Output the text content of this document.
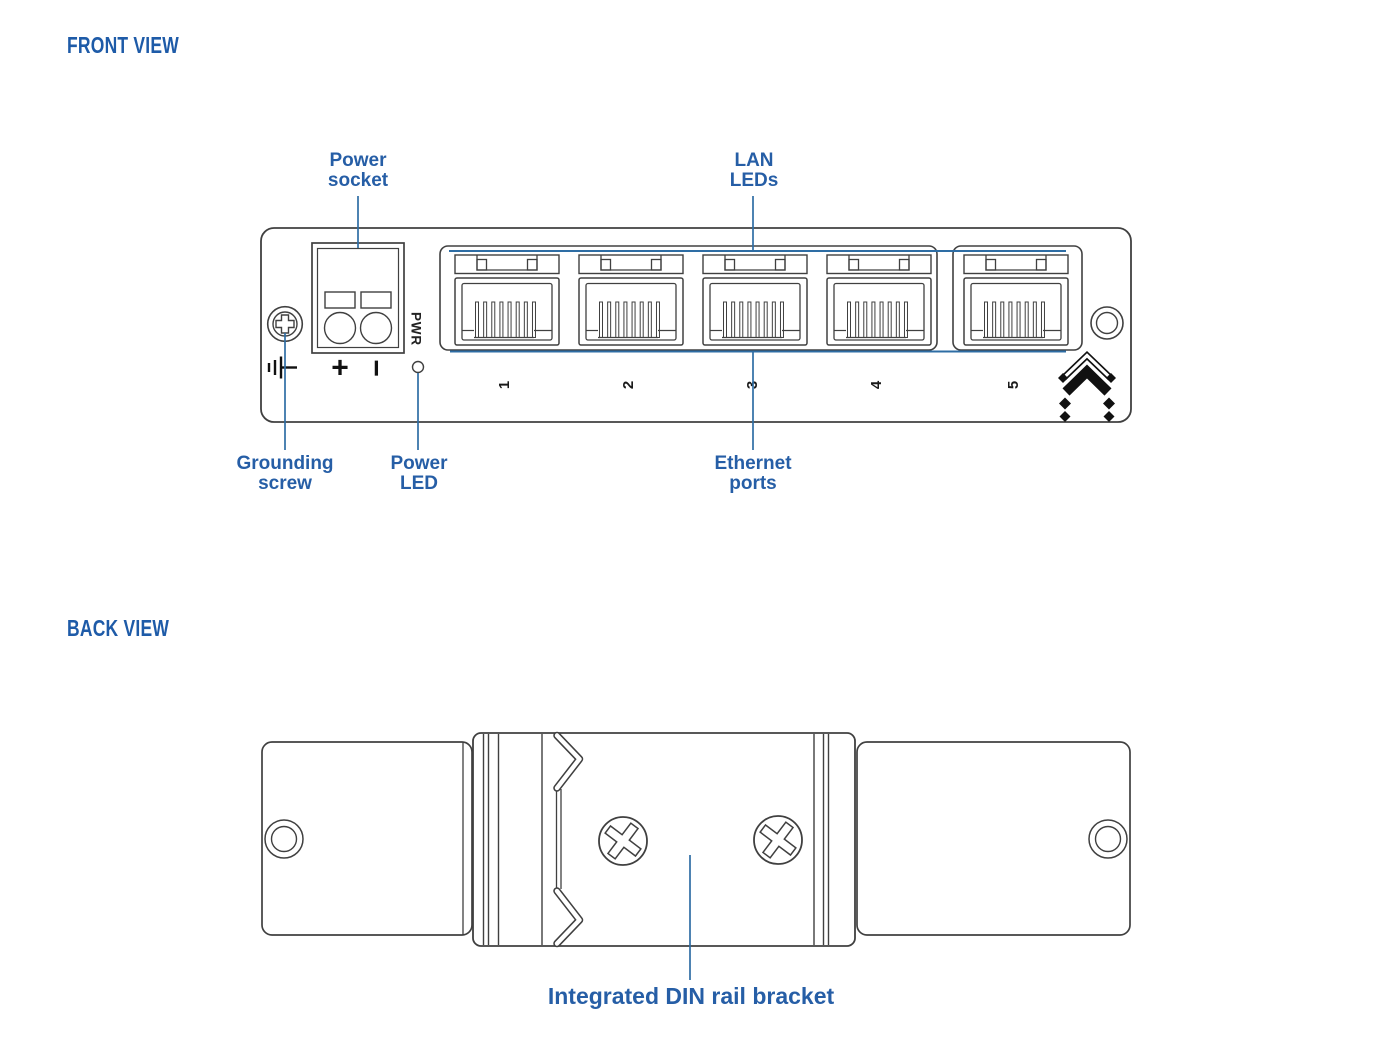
FRONT VIEW
BACK VIEW
+ −
PWR
1	2	3	4	5
Power
socket
LAN
LEDs
Grounding
screw
Power
LED
Ethernet
ports
Integrated DIN rail bracket
